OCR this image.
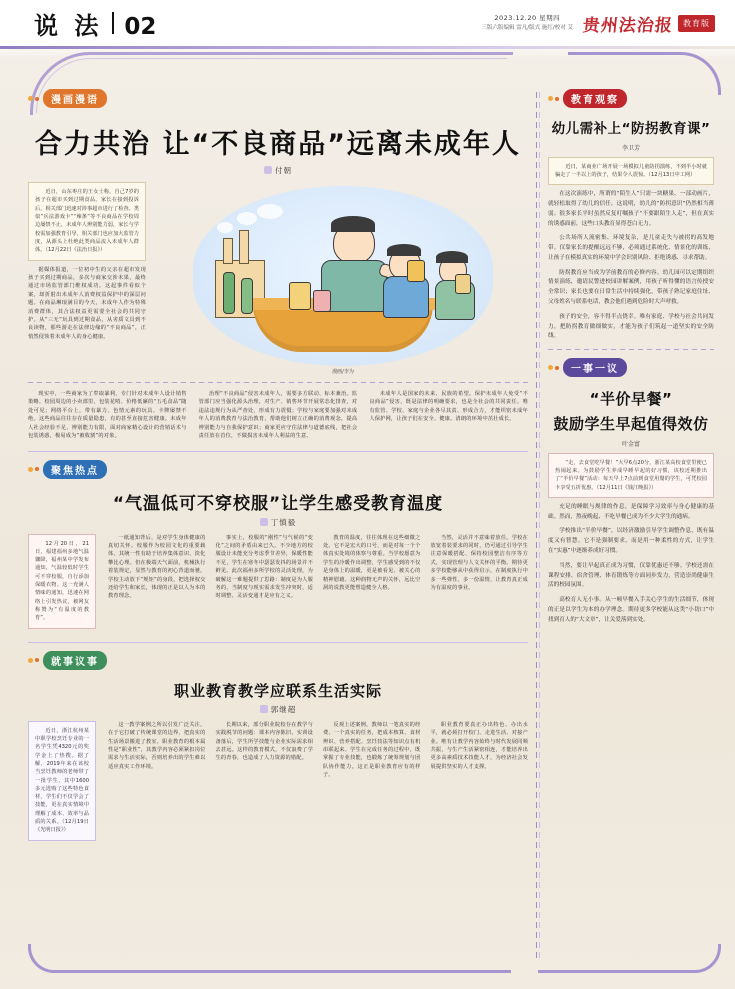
说 法 02	2023.12.20 星期四
三版六版编辑 雷凡/版式 施红/校对 艾 贵州法治报	教育版
漫画漫语
合力共治 让“不良商品”远离未成年人
付朝
近日，山东枣庄的王女士称，自己7岁的孩子在超市买到过期食品。家长在接到投诉后，相关部门迅速对涉事超市进行了检查。类似“兵法游戏卡”“辣条”等不良商品在学校周边屡禁不止，未成年人辨别能力弱，家长与学校需加强教育引导，相关部门也应加大监管力度，从源头上杜绝此类商品流入未成年人群体。（12月22日《法治日报》）

据媒体报道，一位初中生的父亲在超市发现孩子买到过期商品，多次与商家交涉未果，最终通过市场监管部门维权成功。这起事件看似个案，却折射出未成年人消费权益保护中的深层问题。在商品琳琅满目的今天，未成年人作为特殊消费群体，其合法权益更需要全社会的共同守护。从“三无”玩具到过期食品，从劣质文具到不良读物，那些游走在法律边缘的“不良商品”，正悄然侵蚀着未成年人的身心健康。

漫画/李为

现实中，一些商家为了牟取暴利，专门针对未成年人设计销售策略。校园周边的小卖部里，包装花哨、价格低廉的“五毛食品”随处可见；网络平台上，带有暴力、色情元素的玩具、卡牌屡禁不绝。这些商品往往存在质量隐患，有的甚至直接危害健康。未成年人社会经验不足、辨别能力有限，面对商家精心设计的营销话术与包装诱惑，极易成为“被收割”的对象。

治理“不良商品”侵害未成年人，需要多方联动、标本兼治。监管部门应当强化源头治理，对生产、销售环节开展常态化排查，对违法违规行为从严查处，形成有力震慑；学校与家庭要加强对未成年人的消费教育与法治教育，帮助他们树立正确的消费观念，提高辨别能力与自我保护意识；商家更应守住法律与道德底线，把社会责任放在首位，不做损害未成年人利益的生意。

未成年人是国家的未来、民族的希望。保护未成年人免受“不良商品”侵害，既是法律的明确要求，也是全社会的共同责任。唯有监管、学校、家庭与企业各尽其责、形成合力，才能织密未成年人保护网，让孩子们在安全、健康、清朗的环境中茁壮成长。

聚焦热点
“气温低可不穿校服”让学生感受教育温度
丁慎毅
12月20日，21日，福建福州多地气温骤降，福州某中学发布通知，气温较低时学生可不穿校服，自行添加保暖衣物。这一充满人情味的通知，迅速在网络上引发热议，被网友称赞为“有温度的教育”。

一纸通知背后，是对学生身体健康的真切关怀。校服作为校园文化的重要载体，其统一性有助于培养集体意识、淡化攀比心理。但在极端天气面前，机械执行着装规定，显然与教育的初心背道而驰。学校主动放下“规矩”的身段，把选择权交还给学生和家长，体现的正是以人为本的教育理念。

事实上，校服的“刚性”与气候的“变化”之间的矛盾由来已久。不少地方的校服设计未能充分考虑季节差异，保暖性能不足，学生在寒冬中瑟瑟发抖的场景并不鲜见。此次福州多所学校的灵活处理，为破解这一难题提供了思路：制度是为人服务的，当制度与现实需求发生冲突时，适时调整、灵活变通才是应有之义。

教育的温度，往往体现在这些细微之处。它不是宏大的口号，而是对每一个个体真实处境的体察与尊重。当学校愿意为学生的冷暖作出调整，学生感受到的不仅是身体上的温暖，更是被看见、被关心的精神慰藉。这种润物无声的关怀，远比空洞的说教更能塑造健全人格。

当然，灵活并不意味着放任。学校在放宽着装要求的同时，仍可通过引导学生注意保暖搭配、保持校园整洁有序等方式，实现管理与人文关怀的平衡。期待更多学校能够从中获得启示，在制度执行中多一些弹性、多一份温情，让教育真正成为有温度的事业。

就事议事
职业教育教学应联系生活实际
郭继超
近日，浙江杭州某中职学校烹饪专业的一名学生凭4320元的奖学金上了热搜。据了解，2019年来在该校当烹饪教师的老师带了一批学生，其中1600多元选购了这些特色食材，学生们不仅学会了技能，更在真实情境中理解了成本、效率与品质的关系。（12月19日《光明日报》）

这一教学案例之所以引发广泛关注，在于它打破了传统课堂的边界，把真实的生活场景搬进了教室。职业教育的根本属性是“职业性”，其教学内容必须紧扣岗位需求与生活实际，否则培养出的学生难以适应真实工作环境。

长期以来，部分职业院校存在教学与实践脱节的问题：课本内容陈旧，实训设备落后，学生所学技能与企业实际需求相去甚远。这样的教育模式，不仅浪费了学生的青春，也造成了人力资源的错配。

反观上述案例，教师以一笔真实的经费、一个真实的任务，把成本核算、食材辨识、营养搭配、烹饪技法等知识点有机串联起来。学生在完成任务的过程中，既掌握了专业技能，也锻炼了统筹规划与团队协作能力。这正是职业教育应有的样子。

职业教育要真正办出特色、办出水平，就必须打开校门、走进生活、对接产业。唯有让教学内容始终与时代发展同频共振，与生产生活紧密相连，才能培养出更多高素质技术技能人才，为经济社会发展提供坚实的人才支撑。

教育观察
幼儿需补上“防拐教育课”
李卫芳
近日，某商业广场开展一场模拟儿童防拐演练，不到半小时就骗走了一半以上的孩子，结果令人震惊。（12月13日中工网）

在这次演练中，所谓的“陌生人”只需一块糖果、一部动画片，就轻松取得了幼儿的信任。这说明，幼儿的“防拐意识”仍然相当薄弱。很多家长平时虽然反复叮嘱孩子“不要跟陌生人走”，但在真实的诱惑面前，这些口头教育显得苍白无力。

公共场所人流密集、环境复杂，是儿童走失与被拐的高发地带。仅靠家长的提醒远远不够，必须通过系统化、情景化的训练，让孩子在模拟真实的环境中学会识别风险、拒绝诱惑、寻求帮助。

防拐教育应当成为学前教育的必修内容。幼儿园可以定期组织情景演练，邀请民警进校园讲解案例，用孩子听得懂的语言传授安全常识；家长也要在日常生活中持续强化，带孩子熟记家庭住址、父母姓名与联系电话，教会他们遇到危险时大声呼救。

孩子的安全，容不得半点侥幸。唯有家庭、学校与社会共同发力，把防拐教育做细做实，才能为孩子们筑起一道坚实的安全防线。

一事一议
“半价早餐”
鼓励学生早起值得效仿
叶金富
“走，去食堂吃早餐！”大早6点20分，浙江某高校食堂里便已热闹起来。为鼓励学生养成早睡早起的好习惯，该校近期推出了“半价早餐”活动：每天早上7点前到食堂用餐的学生，可凭校园卡享受五折优惠。（12月11日《钱江晚报》）

充足的睡眠与规律的作息，是保障学习效率与身心健康的基础。然而，熬夜晚起、不吃早餐已成为不少大学生的通病。

学校推出“半价早餐”，以经济激励引导学生调整作息，既有温度又有智慧。它不是强制要求，而是用一种柔性的方式，让学生在“实惠”中逐渐养成好习惯。

当然，要让早起真正成为习惯，仅靠优惠还不够。学校还需在课程安排、宿舍管理、体育锻炼等方面同步发力，营造崇尚健康生活的校园氛围。

高校育人无小事。从一顿早餐入手关心学生的生活细节，体现的正是以学生为本的办学理念。期待更多学校能从这类“小切口”中找到育人的“大文章”，让关爱落到实处。
